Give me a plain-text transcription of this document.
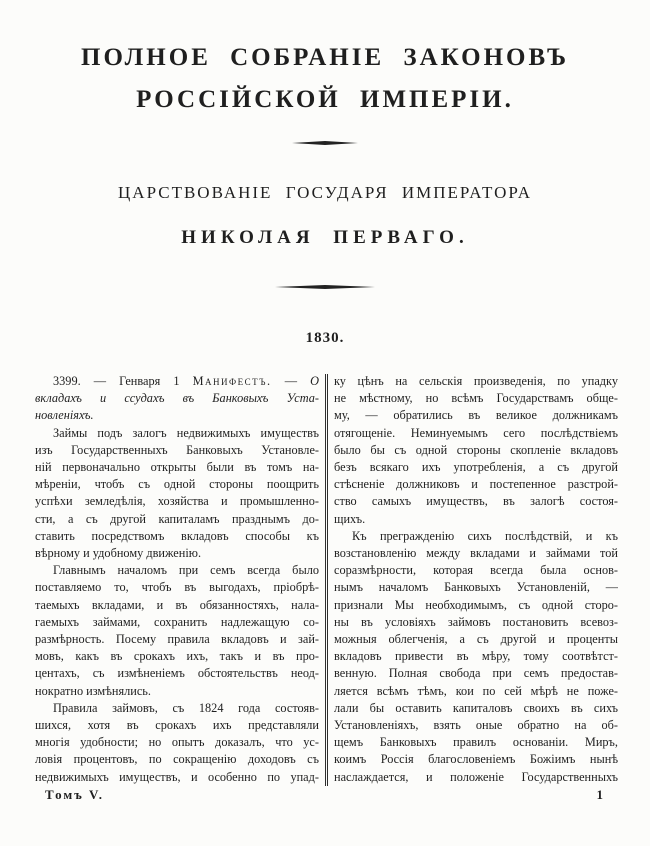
ПОЛНОЕ СОБРАНІЕ ЗАКОНОВЪ
РОССІЙСКОЙ ИМПЕРІИ.
ЦАРСТВОВАНІЕ ГОСУДАРЯ ИМПЕРАТОРА
НИКОЛАЯ ПЕРВАГО.
1830.
3399. — Генваря 1 Манифестъ. — О
вкладахъ и ссудахъ въ Банковыхъ Уста-
новленіяхъ.
Займы подъ залогъ недвижимыхъ имуществъ
изъ Государственныхъ Банковыхъ Установле-
ній первоначально открыты были въ томъ на-
мѣреніи, чтобъ съ одной стороны поощрить
успѣхи земледѣлія, хозяйства и промышленно-
сти, а съ другой капиталамъ празднымъ до-
ставить посредствомъ вкладовъ способы къ
вѣрному и удобному движенію.
Главнымъ началомъ при семъ всегда было
поставляемо то, чтобъ въ выгодахъ, пріобрѣ-
таемыхъ вкладами, и въ обязанностяхъ, нала-
гаемыхъ займами, сохранить надлежащую со-
размѣрность. Посему правила вкладовъ и зай-
мовъ, какъ въ срокахъ ихъ, такъ и въ про-
центахъ, съ измѣненіемъ обстоятельствъ неод-
нократно измѣнялись.
Правила займовъ, съ 1824 года состояв-
шихся, хотя въ срокахъ ихъ представляли
многія удобности; но опытъ доказалъ, что ус-
ловія процентовъ, по сокращенію доходовъ съ
недвижимыхъ имуществъ, и особенно по упад-
ку цѣнъ на сельскія произведенія, по упадку
не мѣстному, но всѣмъ Государствамъ обще-
му, — обратились въ великое должникамъ
отягощеніе. Неминуемымъ сего послѣдствіемъ
было бы съ одной стороны скопленіе вкладовъ
безъ всякаго ихъ употребленія, а съ другой
стѣсненіе должниковъ и постепенное разстрой-
ство самыхъ имуществъ, въ залогѣ состоя-
щихъ.
Къ прегражденію сихъ послѣдствій, и къ
возстановленію между вкладами и займами той
соразмѣрности, которая всегда была основ-
нымъ началомъ Банковыхъ Установленій, —
признали Мы необходимымъ, съ одной сторо-
ны въ условіяхъ займовъ постановить всевоз-
можныя облегченія, а съ другой и проценты
вкладовъ привести въ мѣру, тому соотвѣтст-
венную. Полная свобода при семъ предостав-
ляется всѣмъ тѣмъ, кои по сей мѣрѣ не поже-
лали бы оставить капиталовъ своихъ въ сихъ
Установленіяхъ, взять оные обратно на об-
щемъ Банковыхъ правилъ основаніи. Миръ,
коимъ Россія благословеніемъ Божіимъ нынѣ
наслаждается, и положеніе Государственныхъ
Томъ V.	1
